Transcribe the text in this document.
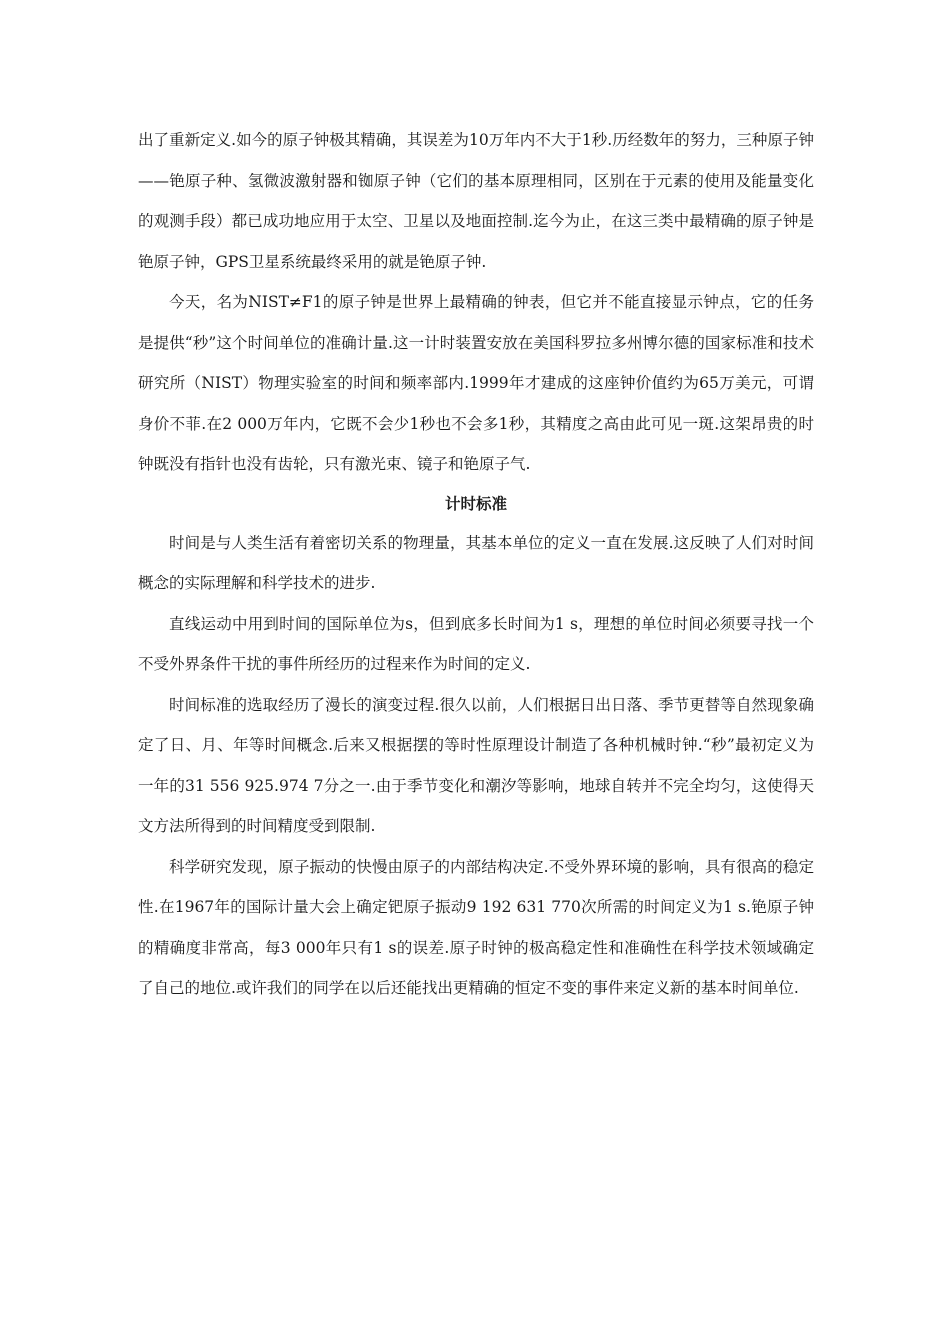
出了重新定义.如今的原子钟极其精确，其误差为10万年内不大于1秒.历经数年的努力，三种原子钟——铯原子种、氢微波激射器和铷原子钟（它们的基本原理相同，区别在于元素的使用及能量变化的观测手段）都已成功地应用于太空、卫星以及地面控制.迄今为止，在这三类中最精确的原子钟是铯原子钟，GPS卫星系统最终采用的就是铯原子钟.

今天，名为NIST≠F1的原子钟是世界上最精确的钟表，但它并不能直接显示钟点，它的任务是提供“秒”这个时间单位的准确计量.这一计时装置安放在美国科罗拉多州博尔德的国家标准和技术研究所（NIST）物理实验室的时间和频率部内.1999年才建成的这座钟价值约为65万美元，可谓身价不菲.在2 000万年内，它既不会少1秒也不会多1秒，其精度之高由此可见一斑.这架昂贵的时钟既没有指针也没有齿轮，只有激光束、镜子和铯原子气.

计时标准

时间是与人类生活有着密切关系的物理量，其基本单位的定义一直在发展.这反映了人们对时间概念的实际理解和科学技术的进步.

直线运动中用到时间的国际单位为s，但到底多长时间为1 s，理想的单位时间必须要寻找一个不受外界条件干扰的事件所经历的过程来作为时间的定义.

时间标准的选取经历了漫长的演变过程.很久以前，人们根据日出日落、季节更替等自然现象确定了日、月、年等时间概念.后来又根据摆的等时性原理设计制造了各种机械时钟.“秒”最初定义为一年的31 556 925.974 7分之一.由于季节变化和潮汐等影响，地球自转并不完全均匀，这使得天文方法所得到的时间精度受到限制.

科学研究发现，原子振动的快慢由原子的内部结构决定.不受外界环境的影响，具有很高的稳定性.在1967年的国际计量大会上确定钯原子振动9 192 631 770次所需的时间定义为1 s.铯原子钟的精确度非常高，每3 000年只有1 s的误差.原子时钟的极高稳定性和准确性在科学技术领域确定了自己的地位.或许我们的同学在以后还能找出更精确的恒定不变的事件来定义新的基本时间单位.
